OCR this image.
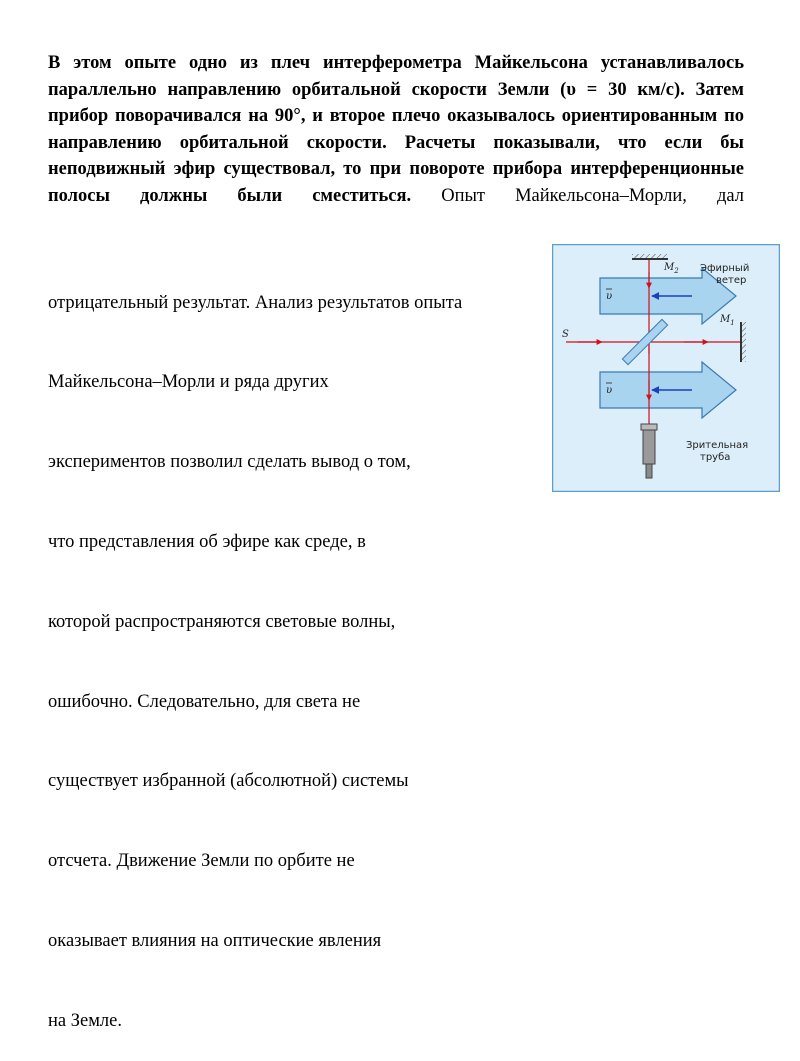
В этом опыте одно из плеч интерферометра Майкельсона устанавливалось параллельно направлению орбитальной скорости Земли (υ = 30 км/с). Затем прибор поворачивался на 90°, и второе плечо оказывалось ориентированным по направлению орбитальной скорости. Расчеты показывали, что если бы неподвижный эфир существовал, то при повороте прибора интерференционные полосы должны были сместиться. Опыт Майкельсона–Морли, дал

отрицательный результат. Анализ результатов опыта

Майкельсона–Морли и ряда других

экспериментов позволил сделать вывод о том,

что представления об эфире как среде, в

которой распространяются световые волны,

ошибочно. Следовательно, для света не

существует избранной (абсолютной) системы

отсчета. Движение Земли по орбите не

оказывает влияния на оптические явления

на Земле.

$M_2$
$M_1$
S
υ
υ
Эфирный
ветер
Зрительная
труба
